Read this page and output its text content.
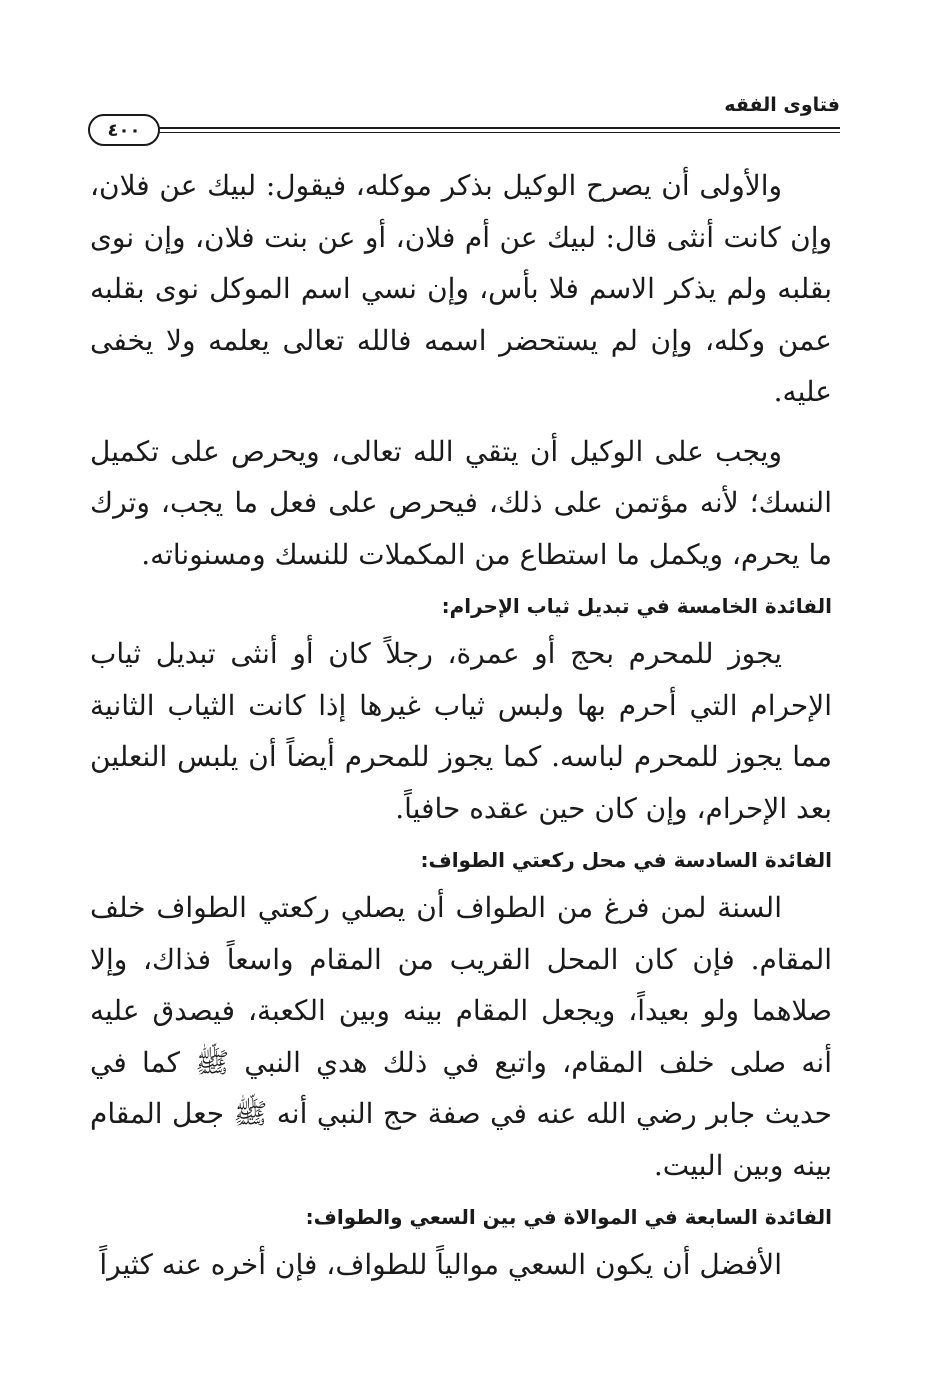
فتاوى الفقه
٤٠٠

والأولى أن يصرح الوكيل بذكر موكله، فيقول: لبيك عن فلان، وإن كانت أنثى قال: لبيك عن أم فلان، أو عن بنت فلان، وإن نوى بقلبه ولم يذكر الاسم فلا بأس، وإن نسي اسم الموكل نوى بقلبه عمن وكله، وإن لم يستحضر اسمه فالله تعالى يعلمه ولا يخفى عليه.

ويجب على الوكيل أن يتقي الله تعالى، ويحرص على تكميل النسك؛ لأنه مؤتمن على ذلك، فيحرص على فعل ما يجب، وترك ما يحرم، ويكمل ما استطاع من المكملات للنسك ومسنوناته.

الفائدة الخامسة في تبديل ثياب الإحرام:

يجوز للمحرم بحج أو عمرة، رجلاً كان أو أنثى تبديل ثياب الإحرام التي أحرم بها ولبس ثياب غيرها إذا كانت الثياب الثانية مما يجوز للمحرم لباسه. كما يجوز للمحرم أيضاً أن يلبس النعلين بعد الإحرام، وإن كان حين عقده حافياً.

الفائدة السادسة في محل ركعتي الطواف:

السنة لمن فرغ من الطواف أن يصلي ركعتي الطواف خلف المقام. فإن كان المحل القريب من المقام واسعاً فذاك، وإلا صلاهما ولو بعيداً، ويجعل المقام بينه وبين الكعبة، فيصدق عليه أنه صلى خلف المقام، واتبع في ذلك هدي النبي ﷺ كما في حديث جابر رضي الله عنه في صفة حج النبي أنه ﷺ جعل المقام بينه وبين البيت.

الفائدة السابعة في الموالاة في بين السعي والطواف:

الأفضل أن يكون السعي موالياً للطواف، فإن أخره عنه كثيراً
